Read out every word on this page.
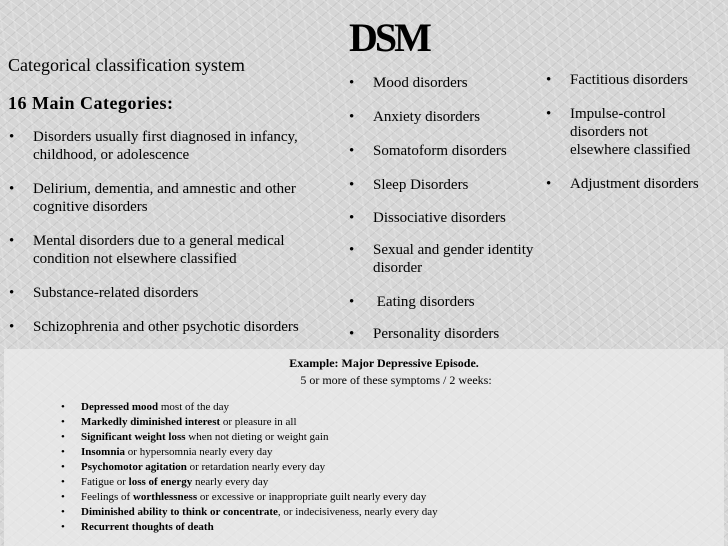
DSM
Categorical classification system
16 Main Categories:
• Disorders usually first diagnosed in infancy, childhood, or adolescence
• Delirium, dementia, and amnestic and other cognitive disorders
• Mental disorders due to a general medical condition not elsewhere classified
• Substance-related disorders
• Schizophrenia and other psychotic disorders
• Mood disorders
• Anxiety disorders
• Somatoform disorders
• Sleep Disorders
• Dissociative disorders
• Sexual and gender identity disorder
•  Eating disorders
• Personality disorders
• Factitious disorders
• Impulse-control disorders not elsewhere classified
• Adjustment disorders
Example: Major Depressive Episode.
5 or more of these symptoms / 2 weeks:
• Depressed mood most of the day
• Markedly diminished interest or pleasure in all
• Significant weight loss when not dieting or weight gain
• Insomnia or hypersomnia nearly every day
• Psychomotor agitation or retardation nearly every day
• Fatigue or loss of energy nearly every day
• Feelings of worthlessness or excessive or inappropriate guilt nearly every day
• Diminished ability to think or concentrate, or indecisiveness, nearly every day
• Recurrent thoughts of death
